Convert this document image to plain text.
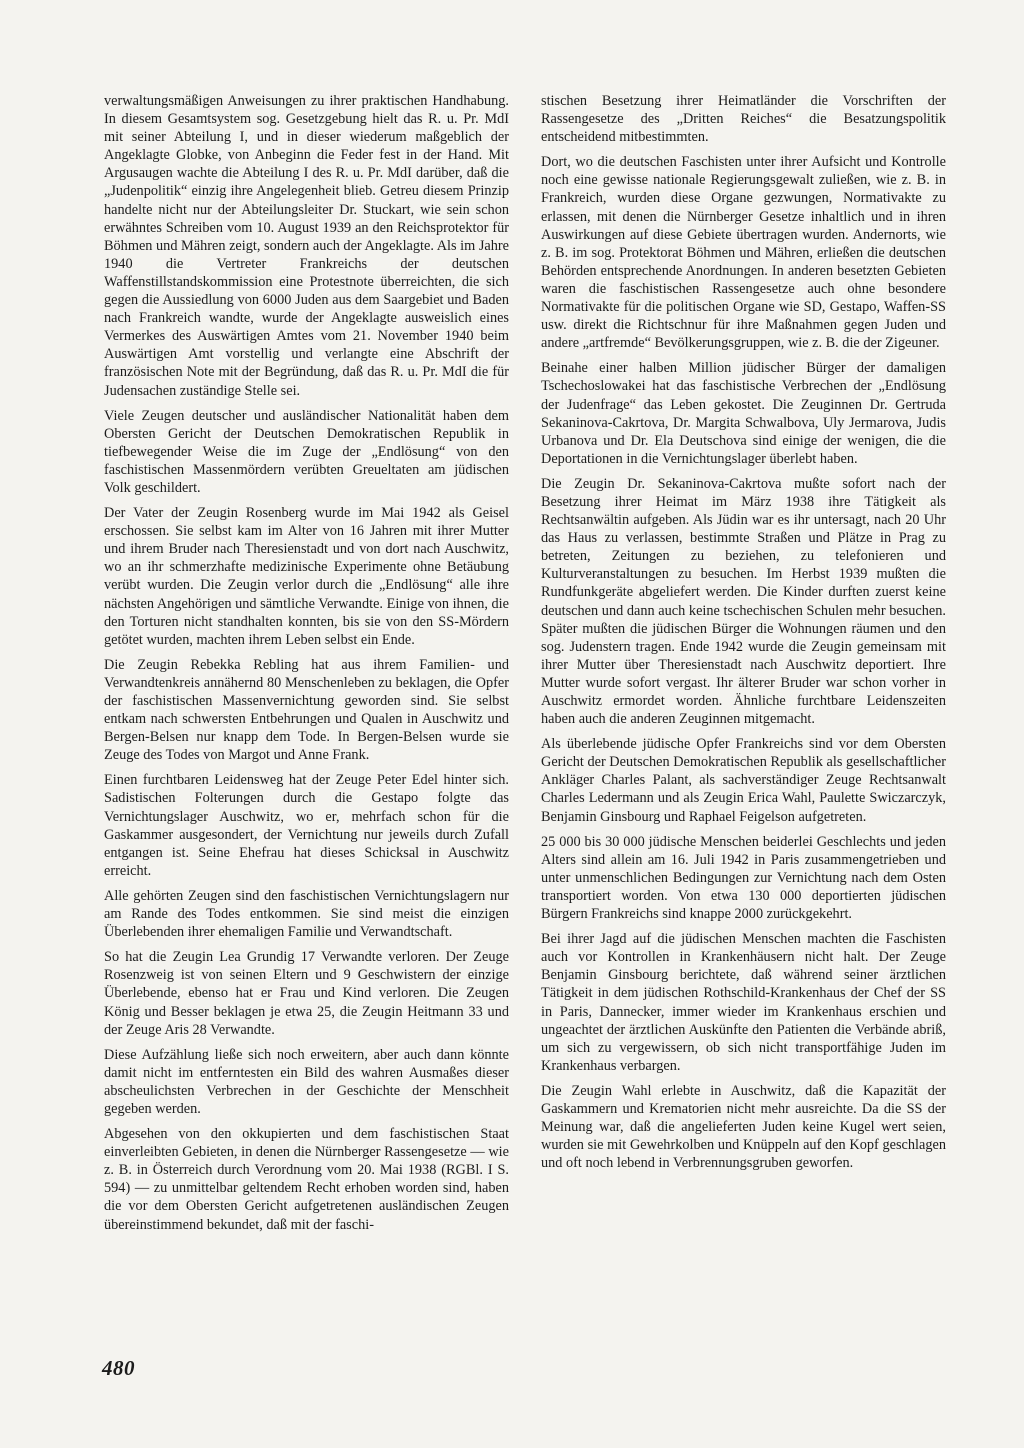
verwaltungsmäßigen Anweisungen zu ihrer praktischen Handhabung. In diesem Gesamtsystem sog. Gesetzgebung hielt das R. u. Pr. MdI mit seiner Abteilung I, und in dieser wiederum maßgeblich der Angeklagte Globke, von Anbeginn die Feder fest in der Hand. Mit Argusaugen wachte die Abteilung I des R. u. Pr. MdI darüber, daß die „Judenpolitik“ einzig ihre Angelegenheit blieb. Getreu diesem Prinzip handelte nicht nur der Abteilungsleiter Dr. Stuckart, wie sein schon erwähntes Schreiben vom 10. August 1939 an den Reichsprotektor für Böhmen und Mähren zeigt, sondern auch der Angeklagte. Als im Jahre 1940 die Vertreter Frankreichs der deutschen Waffenstillstandskommission eine Protestnote überreichten, die sich gegen die Aussiedlung von 6000 Juden aus dem Saargebiet und Baden nach Frankreich wandte, wurde der Angeklagte ausweislich eines Vermerkes des Auswärtigen Amtes vom 21. November 1940 beim Auswärtigen Amt vorstellig und verlangte eine Abschrift der französischen Note mit der Begründung, daß das R. u. Pr. MdI die für Judensachen zuständige Stelle sei.

Viele Zeugen deutscher und ausländischer Nationalität haben dem Obersten Gericht der Deutschen Demokratischen Republik in tiefbewegender Weise die im Zuge der „Endlösung“ von den faschistischen Massenmördern verübten Greueltaten am jüdischen Volk geschildert.

Der Vater der Zeugin Rosenberg wurde im Mai 1942 als Geisel erschossen. Sie selbst kam im Alter von 16 Jahren mit ihrer Mutter und ihrem Bruder nach Theresienstadt und von dort nach Auschwitz, wo an ihr schmerzhafte medizinische Experimente ohne Betäubung verübt wurden. Die Zeugin verlor durch die „Endlösung“ alle ihre nächsten Angehörigen und sämtliche Verwandte. Einige von ihnen, die den Torturen nicht standhalten konnten, bis sie von den SS-Mördern getötet wurden, machten ihrem Leben selbst ein Ende.

Die Zeugin Rebekka Rebling hat aus ihrem Familien- und Verwandtenkreis annähernd 80 Menschenleben zu beklagen, die Opfer der faschistischen Massenvernichtung geworden sind. Sie selbst entkam nach schwersten Entbehrungen und Qualen in Auschwitz und Bergen-Belsen nur knapp dem Tode. In Bergen-Belsen wurde sie Zeuge des Todes von Margot und Anne Frank.

Einen furchtbaren Leidensweg hat der Zeuge Peter Edel hinter sich. Sadistischen Folterungen durch die Gestapo folgte das Vernichtungslager Auschwitz, wo er, mehrfach schon für die Gaskammer ausgesondert, der Vernichtung nur jeweils durch Zufall entgangen ist. Seine Ehefrau hat dieses Schicksal in Auschwitz erreicht.

Alle gehörten Zeugen sind den faschistischen Vernichtungslagern nur am Rande des Todes entkommen. Sie sind meist die einzigen Überlebenden ihrer ehemaligen Familie und Verwandtschaft.

So hat die Zeugin Lea Grundig 17 Verwandte verloren. Der Zeuge Rosenzweig ist von seinen Eltern und 9 Geschwistern der einzige Überlebende, ebenso hat er Frau und Kind verloren. Die Zeugen König und Besser beklagen je etwa 25, die Zeugin Heitmann 33 und der Zeuge Aris 28 Verwandte.

Diese Aufzählung ließe sich noch erweitern, aber auch dann könnte damit nicht im entferntesten ein Bild des wahren Ausmaßes dieser abscheulichsten Verbrechen in der Geschichte der Menschheit gegeben werden.

Abgesehen von den okkupierten und dem faschistischen Staat einverleibten Gebieten, in denen die Nürnberger Rassengesetze — wie z. B. in Österreich durch Verordnung vom 20. Mai 1938 (RGBl. I S. 594) — zu unmittelbar geltendem Recht erhoben worden sind, haben die vor dem Obersten Gericht aufgetretenen ausländischen Zeugen übereinstimmend bekundet, daß mit der faschi-

stischen Besetzung ihrer Heimatländer die Vorschriften der Rassengesetze des „Dritten Reiches“ die Besatzungspolitik entscheidend mitbestimmten.

Dort, wo die deutschen Faschisten unter ihrer Aufsicht und Kontrolle noch eine gewisse nationale Regierungsgewalt zuließen, wie z. B. in Frankreich, wurden diese Organe gezwungen, Normativakte zu erlassen, mit denen die Nürnberger Gesetze inhaltlich und in ihren Auswirkungen auf diese Gebiete übertragen wurden. Andernorts, wie z. B. im sog. Protektorat Böhmen und Mähren, erließen die deutschen Behörden entsprechende Anordnungen. In anderen besetzten Gebieten waren die faschistischen Rassengesetze auch ohne besondere Normativakte für die politischen Organe wie SD, Gestapo, Waffen-SS usw. direkt die Richtschnur für ihre Maßnahmen gegen Juden und andere „artfremde“ Bevölkerungsgruppen, wie z. B. die der Zigeuner.

Beinahe einer halben Million jüdischer Bürger der damaligen Tschechoslowakei hat das faschistische Verbrechen der „Endlösung der Judenfrage“ das Leben gekostet. Die Zeuginnen Dr. Gertruda Sekaninova-Cakrtova, Dr. Margita Schwalbova, Uly Jermarova, Judis Urbanova und Dr. Ela Deutschova sind einige der wenigen, die die Deportationen in die Vernichtungslager überlebt haben.

Die Zeugin Dr. Sekaninova-Cakrtova mußte sofort nach der Besetzung ihrer Heimat im März 1938 ihre Tätigkeit als Rechtsanwältin aufgeben. Als Jüdin war es ihr untersagt, nach 20 Uhr das Haus zu verlassen, bestimmte Straßen und Plätze in Prag zu betreten, Zeitungen zu beziehen, zu telefonieren und Kulturveranstaltungen zu besuchen. Im Herbst 1939 mußten die Rundfunkgeräte abgeliefert werden. Die Kinder durften zuerst keine deutschen und dann auch keine tschechischen Schulen mehr besuchen. Später mußten die jüdischen Bürger die Wohnungen räumen und den sog. Judenstern tragen. Ende 1942 wurde die Zeugin gemeinsam mit ihrer Mutter über Theresienstadt nach Auschwitz deportiert. Ihre Mutter wurde sofort vergast. Ihr älterer Bruder war schon vorher in Auschwitz ermordet worden. Ähnliche furchtbare Leidenszeiten haben auch die anderen Zeuginnen mitgemacht.

Als überlebende jüdische Opfer Frankreichs sind vor dem Obersten Gericht der Deutschen Demokratischen Republik als gesellschaftlicher Ankläger Charles Palant, als sachverständiger Zeuge Rechtsanwalt Charles Ledermann und als Zeugin Erica Wahl, Paulette Swiczarczyk, Benjamin Ginsbourg und Raphael Feigelson aufgetreten.

25 000 bis 30 000 jüdische Menschen beiderlei Geschlechts und jeden Alters sind allein am 16. Juli 1942 in Paris zusammengetrieben und unter unmenschlichen Bedingungen zur Vernichtung nach dem Osten transportiert worden. Von etwa 130 000 deportierten jüdischen Bürgern Frankreichs sind knappe 2000 zurückgekehrt.

Bei ihrer Jagd auf die jüdischen Menschen machten die Faschisten auch vor Kontrollen in Krankenhäusern nicht halt. Der Zeuge Benjamin Ginsbourg berichtete, daß während seiner ärztlichen Tätigkeit in dem jüdischen Rothschild-Krankenhaus der Chef der SS in Paris, Dannecker, immer wieder im Krankenhaus erschien und ungeachtet der ärztlichen Auskünfte den Patienten die Verbände abriß, um sich zu vergewissern, ob sich nicht transportfähige Juden im Krankenhaus verbargen.

Die Zeugin Wahl erlebte in Auschwitz, daß die Kapazität der Gaskammern und Krematorien nicht mehr ausreichte. Da die SS der Meinung war, daß die angelieferten Juden keine Kugel wert seien, wurden sie mit Gewehrkolben und Knüppeln auf den Kopf geschlagen und oft noch lebend in Verbrennungsgruben geworfen.

480
